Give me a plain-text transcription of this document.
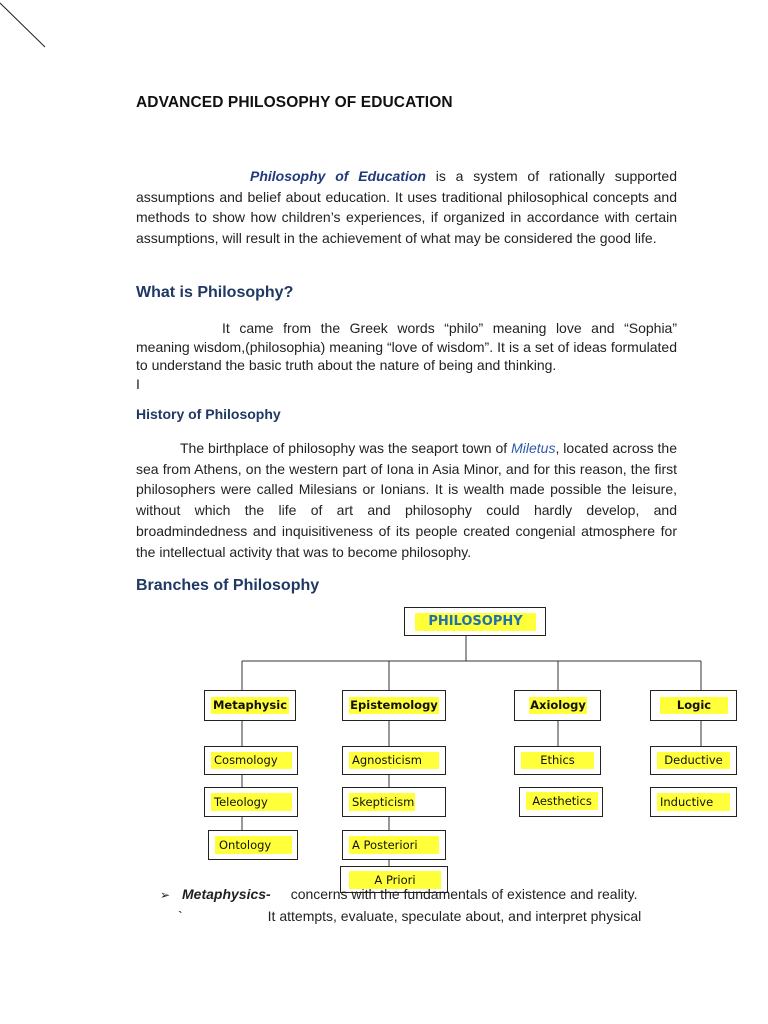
ADVANCED PHILOSOPHY OF EDUCATION

Philosophy of Education is a system of rationally supported assumptions and belief about education. It uses traditional philosophical concepts and methods to show how children’s experiences, if organized in accordance with certain assumptions, will result in the achievement of what may be considered the good life.

What is Philosophy?

It came from the Greek words “philo” meaning love and “Sophia” meaning wisdom,(philosophia) meaning “love of wisdom”. It is a set of ideas formulated to understand the basic truth about the nature of being and thinking.

I

History of Philosophy

The birthplace of philosophy was the seaport town of Miletus, located across the sea from Athens, on the western part of Iona in Asia Minor, and for this reason, the first philosophers were called Milesians or Ionians. It is wealth made possible the leisure, without which the life of art and philosophy could hardly develop, and broadmindedness and inquisitiveness of its people created congenial atmosphere for the intellectual activity that was to become philosophy.

Branches of Philosophy
PHILOSOPHY
Metaphysic	Epistemology	Axiology	Logic
Cosmology
Teleology
Ontology
Agnosticism
Skepticism
A Posteriori
A Priori
Ethics
Aesthetics
Deductive
Inductive
➢ Metaphysics- concerns with the fundamentals of existence and reality.
`	It attempts, evaluate, speculate about, and interpret physical
